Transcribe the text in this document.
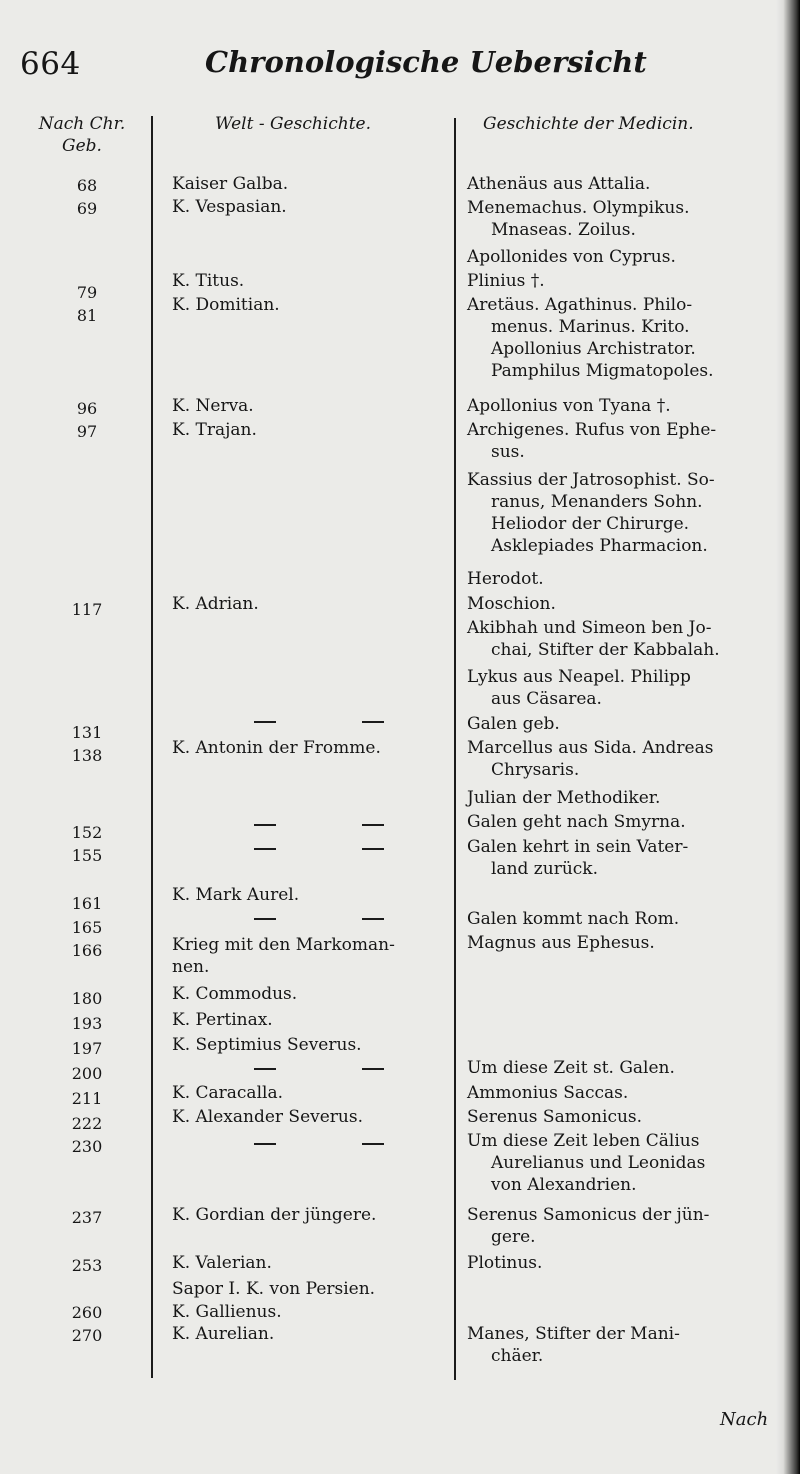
664	Chronologische Uebersicht
Nach Chr. Geb.
Welt - Geschichte.	Geschichte der Medicin.
68
69
79
81
96
97
117
131
138
152
155
161
165
166
180
193
197
200
211
222
230
237
253
260
270
Kaiser Galba.
K. Vespasian.
K. Titus.
K. Domitian.
K. Nerva.
K. Trajan.
K. Adrian.
K. Antonin der Fromme.
K. Mark Aurel.
Krieg mit den Markoman-
nen.
K. Commodus.
K. Pertinax.
K. Septimius Severus.
K. Caracalla.
K. Alexander Severus.
K. Gordian der jüngere.
K. Valerian.
Sapor I. K. von Persien.
K. Gallienus.
K. Aurelian.
Athenäus aus Attalia.
Menemachus. Olympikus.
Mnaseas. Zoilus.
Apollonides von Cyprus.
Plinius †.
Aretäus. Agathinus. Philo-
menus. Marinus. Krito.
Apollonius Archistrator.
Pamphilus Migmatopoles.
Apollonius von Tyana †.
Archigenes. Rufus von Ephe-
sus.
Kassius der Jatrosophist. So-
ranus, Menanders Sohn.
Heliodor der Chirurge.
Asklepiades Pharmacion.
Herodot.
Moschion.
Akibhah und Simeon ben Jo-
chai, Stifter der Kabbalah.
Lykus aus Neapel. Philipp
aus Cäsarea.
Galen geb.
Marcellus aus Sida. Andreas
Chrysaris.
Julian der Methodiker.
Galen geht nach Smyrna.
Galen kehrt in sein Vater-
land zurück.
Galen kommt nach Rom.
Magnus aus Ephesus.
Um diese Zeit st. Galen.
Ammonius Saccas.
Serenus Samonicus.
Um diese Zeit leben Cälius
Aurelianus und Leonidas
von Alexandrien.
Serenus Samonicus der jün-
gere.
Plotinus.
Manes, Stifter der Mani-
chäer.
Nach
